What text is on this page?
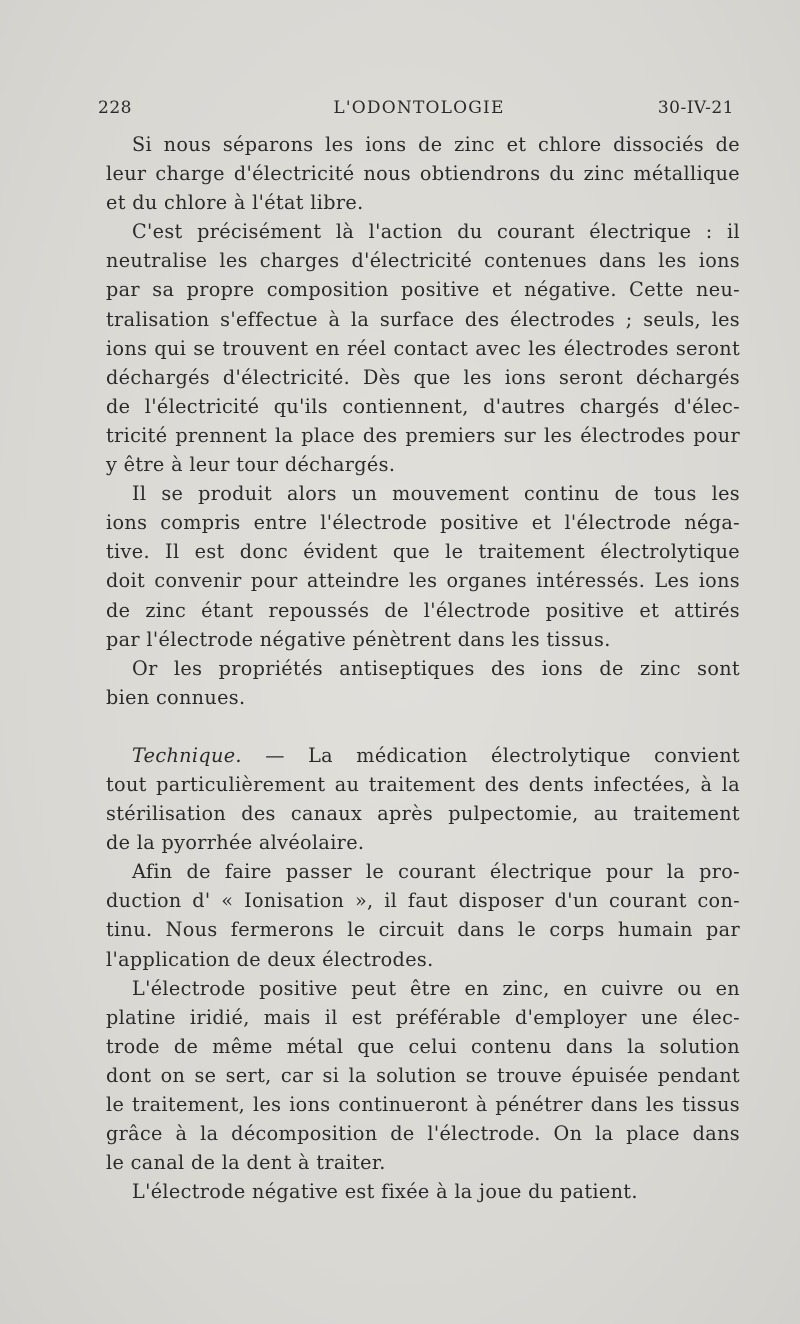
228	L'ODONTOLOGIE	30-IV-21
Si nous séparons les ions de zinc et chlore dissociés de
leur charge d'électricité nous obtiendrons du zinc métallique
et du chlore à l'état libre.
C'est précisément là l'action du courant électrique : il
neutralise les charges d'électricité contenues dans les ions
par sa propre composition positive et négative. Cette neu-
tralisation s'effectue à la surface des électrodes ; seuls, les
ions qui se trouvent en réel contact avec les électrodes seront
déchargés d'électricité. Dès que les ions seront déchargés
de l'électricité qu'ils contiennent, d'autres chargés d'élec-
tricité prennent la place des premiers sur les électrodes pour
y être à leur tour déchargés.
Il se produit alors un mouvement continu de tous les
ions compris entre l'électrode positive et l'électrode néga-
tive. Il est donc évident que le traitement électrolytique
doit convenir pour atteindre les organes intéressés. Les ions
de zinc étant repoussés de l'électrode positive et attirés
par l'électrode négative pénètrent dans les tissus.
Or les propriétés antiseptiques des ions de zinc sont
bien connues.
Technique. — La médication électrolytique convient
tout particulièrement au traitement des dents infectées, à la
stérilisation des canaux après pulpectomie, au traitement
de la pyorrhée alvéolaire.
Afin de faire passer le courant électrique pour la pro-
duction d' « Ionisation », il faut disposer d'un courant con-
tinu. Nous fermerons le circuit dans le corps humain par
l'application de deux électrodes.
L'électrode positive peut être en zinc, en cuivre ou en
platine iridié, mais il est préférable d'employer une élec-
trode de même métal que celui contenu dans la solution
dont on se sert, car si la solution se trouve épuisée pendant
le traitement, les ions continueront à pénétrer dans les tissus
grâce à la décomposition de l'électrode. On la place dans
le canal de la dent à traiter.
L'électrode négative est fixée à la joue du patient.
